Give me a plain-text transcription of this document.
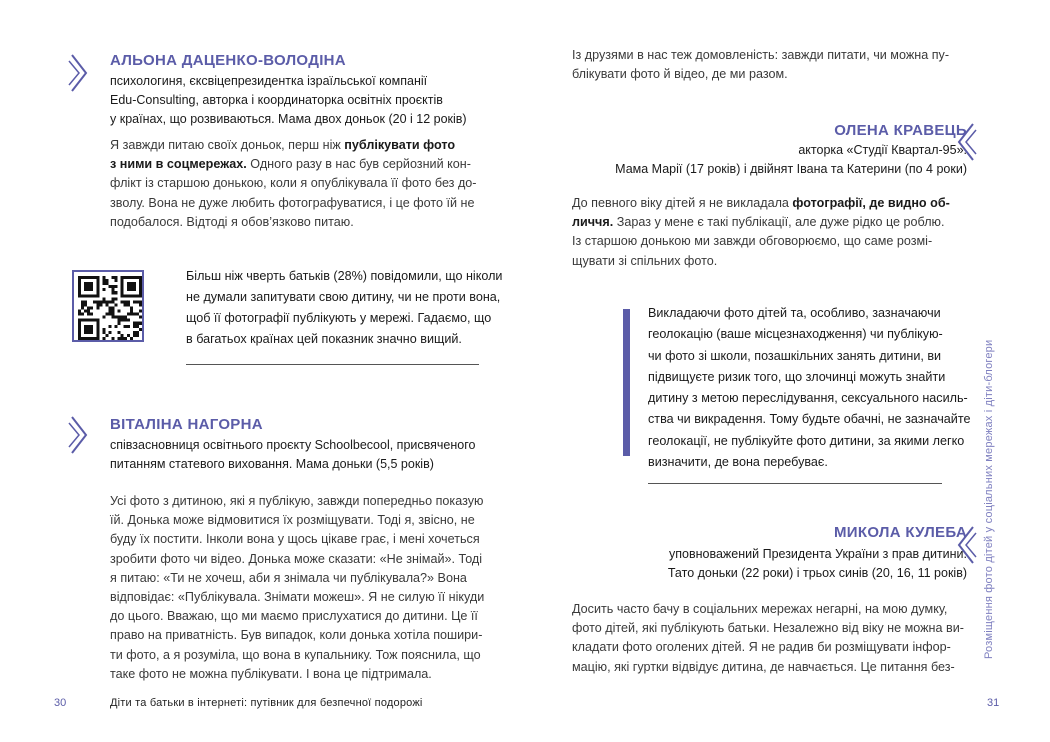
АЛЬОНА ДАЦЕНКО-ВОЛОДІНА
психологиня, єксвіцепрезидентка ізраїльської компанії
Edu-Consulting, авторка і координаторка освітніх проєктів
у країнах, що розвиваються. Мама двох доньок (20 і 12 років)
Я завжди питаю своїх доньок, перш ніж публікувати фото
з ними в соцмережах. Одного разу в нас був серйозний кон-
флікт із старшою донькою, коли я опублікувала її фото без до-
зволу. Вона не дуже любить фотографуватися, і це фото їй не
подобалося. Відтоді я обов’язково питаю.
Більш ніж чверть батьків (28%) повідомили, що ніколи
не думали запитувати свою дитину, чи не проти вона,
щоб її фотографії публікують у мережі. Гадаємо, що
в багатьох країнах цей показник значно вищий.
ВІТАЛІНА НАГОРНА
співзасновниця освітнього проєкту Schoolbecool, присвяченого
питанням статевого виховання. Мама доньки (5,5 років)
Усі фото з дитиною, які я публікую, завжди попередньо показую
їй. Донька може відмовитися їх розміщувати. Тоді я, звісно, не
буду їх постити. Інколи вона у щось цікаве грає, і мені хочеться
зробити фото чи відео. Донька може сказати: «Не знімай». Тоді
я питаю: «Ти не хочеш, аби я знімала чи публікувала?» Вона
відповідає: «Публікувала. Знімати можеш». Я не силую її нікуди
до цього. Вважаю, що ми маємо прислухатися до дитини. Це її
право на приватність. Був випадок, коли донька хотіла пошири-
ти фото, а я розуміла, що вона в купальнику. Тож пояснила, що
таке фото не можна публікувати. І вона це підтримала.
30	Діти та батьки в інтернеті: путівник для безпечної подорожі
Із друзями в нас теж домовленість: завжди питати, чи можна пу-
блікувати фото й відео, де ми разом.
ОЛЕНА КРАВЕЦЬ
акторка «Студії Квартал-95».
Мама Марії (17 років) і двійнят Івана та Катерини (по 4 роки)
До певного віку дітей я не викладала фотографії, де видно об-
личчя. Зараз у мене є такі публікації, але дуже рідко це роблю.
Із старшою донькою ми завжди обговорюємо, що саме розмі-
щувати зі спільних фото.
Викладаючи фото дітей та, особливо, зазначаючи
геолокацію (ваше місцезнаходження) чи публікую-
чи фото зі школи, позашкільних занять дитини, ви
підвищуєте ризик того, що злочинці можуть знайти
дитину з метою переслідування, сексуального насиль-
ства чи викрадення. Тому будьте обачні, не зазначайте
геолокації, не публікуйте фото дитини, за якими легко
визначити, де вона перебуває.
МИКОЛА КУЛЕБА
уповноважений Президента України з прав дитини.
Тато доньки (22 роки) і трьох синів (20, 16, 11 років)
Досить часто бачу в соціальних мережах негарні, на мою думку,
фото дітей, які публікують батьки. Незалежно від віку не можна ви-
кладати фото оголених дітей. Я не радив би розміщувати інфор-
мацію, які гуртки відвідує дитина, де навчається. Це питання без-
31
Розміщення фото дітей у соціальних мережах і діти-блогери
